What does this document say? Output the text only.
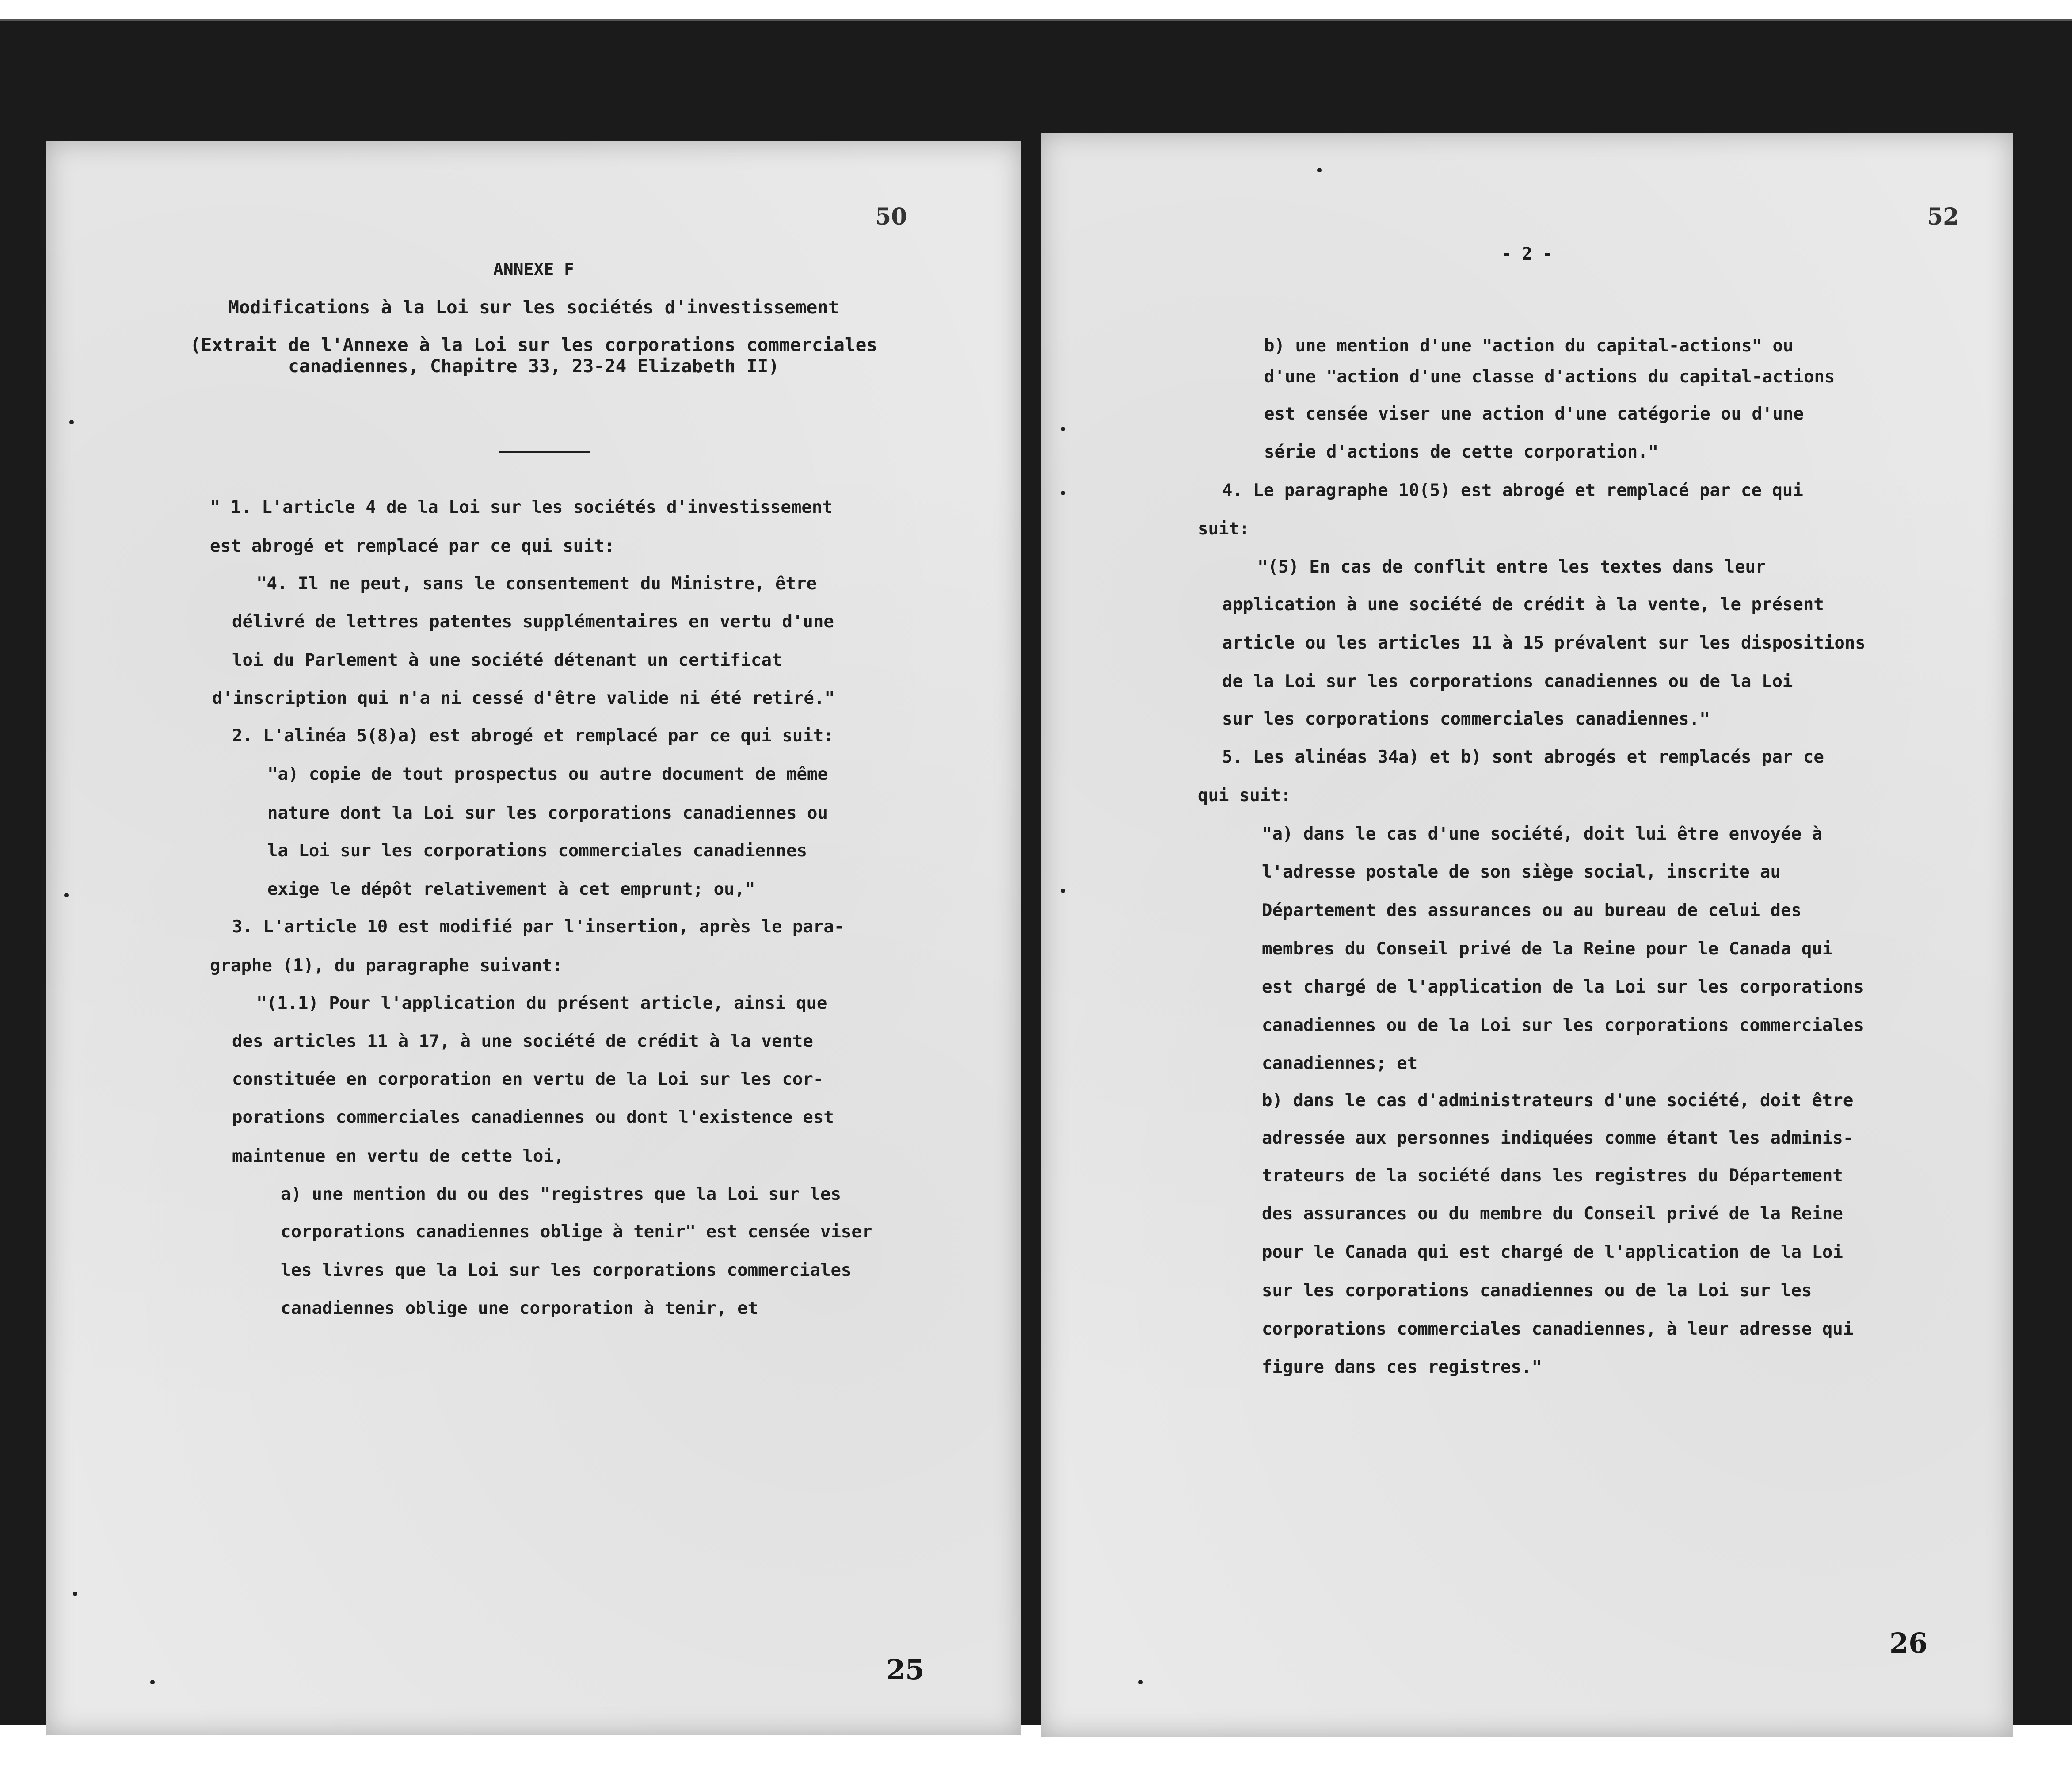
50
ANNEXE F
Modifications à la Loi sur les sociétés d'investissement
(Extrait de l'Annexe à la Loi sur les corporations commerciales
canadiennes, Chapitre 33, 23-24 Elizabeth II)
" 1. L'article 4 de la Loi sur les sociétés d'investissement
est abrogé et remplacé par ce qui suit:
"4. Il ne peut, sans le consentement du Ministre, être
délivré de lettres patentes supplémentaires en vertu d'une
loi du Parlement à une société détenant un certificat
d'inscription qui n'a ni cessé d'être valide ni été retiré."
2. L'alinéa 5(8)a) est abrogé et remplacé par ce qui suit:
"a) copie de tout prospectus ou autre document de même
nature dont la Loi sur les corporations canadiennes ou
la Loi sur les corporations commerciales canadiennes
exige le dépôt relativement à cet emprunt; ou,"
3. L'article 10 est modifié par l'insertion, après le para-
graphe (1), du paragraphe suivant:
"(1.1) Pour l'application du présent article, ainsi que
des articles 11 à 17, à une société de crédit à la vente
constituée en corporation en vertu de la Loi sur les cor-
porations commerciales canadiennes ou dont l'existence est
maintenue en vertu de cette loi,
a) une mention du ou des "registres que la Loi sur les
corporations canadiennes oblige à tenir" est censée viser
les livres que la Loi sur les corporations commerciales
canadiennes oblige une corporation à tenir, et
25
52
- 2 -
b) une mention d'une "action du capital-actions" ou
d'une "action d'une classe d'actions du capital-actions
est censée viser une action d'une catégorie ou d'une
série d'actions de cette corporation."
4. Le paragraphe 10(5) est abrogé et remplacé par ce qui
suit:
"(5) En cas de conflit entre les textes dans leur
application à une société de crédit à la vente, le présent
article ou les articles 11 à 15 prévalent sur les dispositions
de la Loi sur les corporations canadiennes ou de la Loi
sur les corporations commerciales canadiennes."
5. Les alinéas 34a) et b) sont abrogés et remplacés par ce
qui suit:
"a) dans le cas d'une société, doit lui être envoyée à
l'adresse postale de son siège social, inscrite au
Département des assurances ou au bureau de celui des
membres du Conseil privé de la Reine pour le Canada qui
est chargé de l'application de la Loi sur les corporations
canadiennes ou de la Loi sur les corporations commerciales
canadiennes; et
b) dans le cas d'administrateurs d'une société, doit être
adressée aux personnes indiquées comme étant les adminis-
trateurs de la société dans les registres du Département
des assurances ou du membre du Conseil privé de la Reine
pour le Canada qui est chargé de l'application de la Loi
sur les corporations canadiennes ou de la Loi sur les
corporations commerciales canadiennes, à leur adresse qui
figure dans ces registres."
26
